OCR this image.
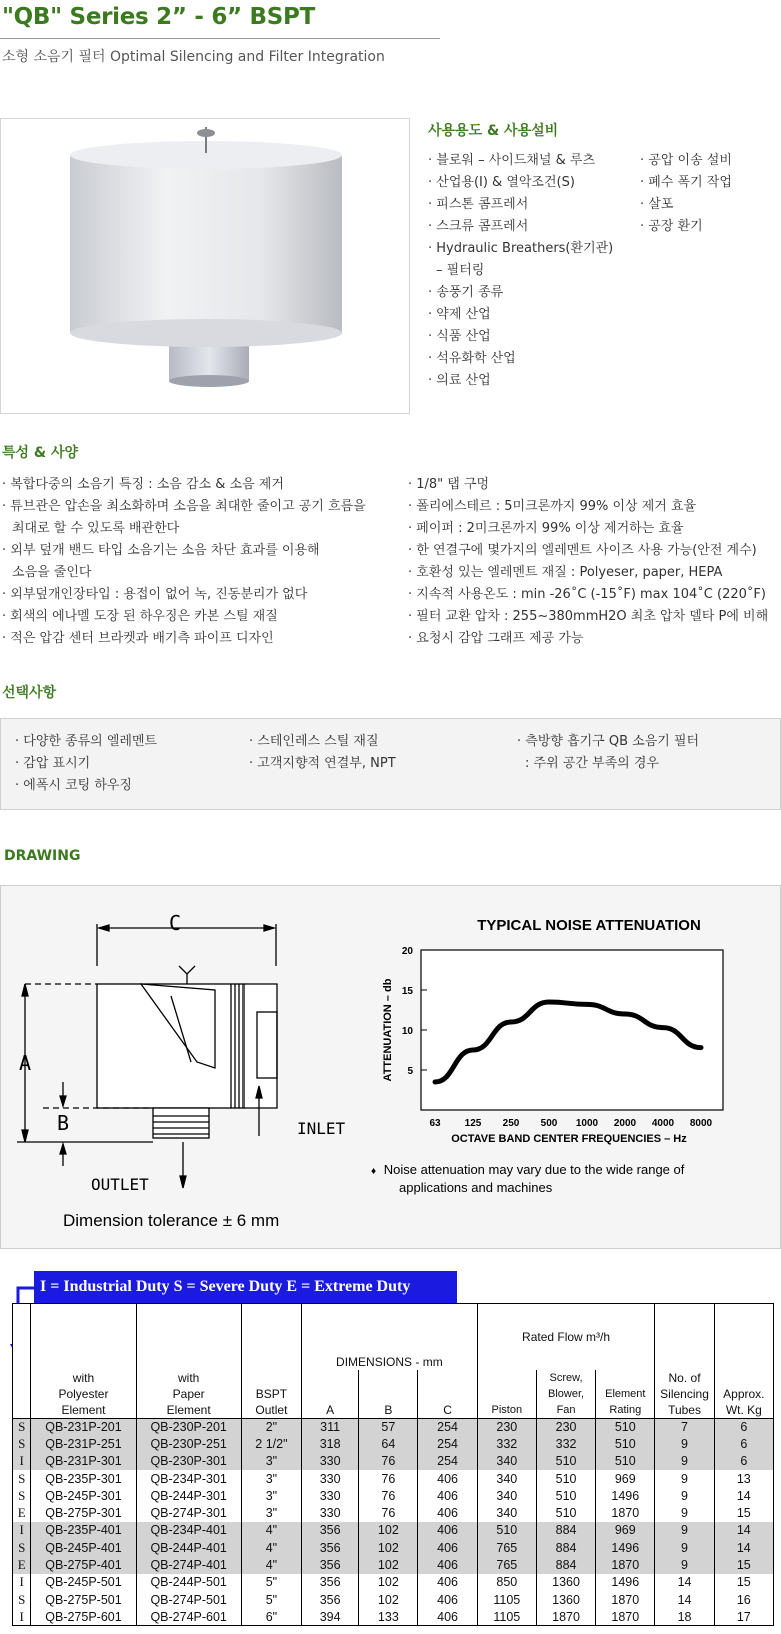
"QB" Series 2” - 6” BSPT
소형 소음기 필터 Optimal Silencing and Filter Integration
사용용도 & 사용설비
· 블로워 – 사이드채널 & 루츠
· 산업용(I) & 열악조건(S)
· 피스톤 콤프레서
· 스크류 콤프레서
· Hydraulic Breathers(환기관)
– 필터링
· 송풍기 종류
· 약제 산업
· 식품 산업
· 석유화학 산업
· 의료 산업
· 공압 이송 설비
· 폐수 폭기 작업
· 살포
· 공장 환기
특성 & 사양
· 복합다중의 소음기 특징 : 소음 감소 & 소음 제거
· 튜브관은 압손을 최소화하며 소음을 최대한 줄이고 공기 흐름을
최대로 할 수 있도록 배관한다
· 외부 덮개 밴드 타입 소음기는 소음 차단 효과를 이용해
소음을 줄인다
· 외부덮개인장타입 : 용접이 없어 녹, 진동분리가 없다
· 회색의 에나멜 도장 된 하우징은 카본 스틸 재질
· 적은 압감 센터 브라켓과 배기측 파이프 디자인
· 1/8" 탭 구멍
· 폴리에스테르 : 5미크론까지 99% 이상 제거 효율
· 페이퍼 : 2미크론까지 99% 이상 제거하는 효율
· 한 연결구에 몇가지의 엘레멘트 사이즈 사용 가능(안전 계수)
· 호환성 있는 엘레멘트 재질 : Polyeser, paper, HEPA
· 지속적 사용온도 : min -26˚C (-15˚F) max 104˚C (220˚F)
· 필터 교환 압차 : 255~380mmH2O 최초 압차 델타 P에 비해
· 요청시 감압 그래프 제공 가능
선택사항
· 다양한 종류의 엘레멘트
· 감압 표시기
· 에폭시 코팅 하우징
· 스테인레스 스틸 재질
· 고객지향적 연결부, NPT
· 측방향 흡기구 QB 소음기 필터
: 주위 공간 부족의 경우
DRAWING
C
A
B	INLET
OUTLET
Dimension tolerance ± 6 mm
TYPICAL NOISE ATTENUATION
ATTENUATION – db
OCTAVE BAND CENTER FREQUENCIES – Hz
5
10
15
20
63 125 250 500 1000 2000 4000 8000
♦ Noise attenuation may vary due to the wide range of
applications and machines
I = Industrial Duty S = Severe Duty E = Extreme Duty
	with
Polyester
Element	with
Paper
Element	BSPT
Outlet	DIMENSIONS - mm			Rated Flow m³/h			No. of
Silencing
Tubes	Approx.
Wt. Kg
				A	B	C	Piston	Screw,
Blower,
Fan	Element
Rating		
S	QB-231P-201	QB-230P-201	2"	311	57	254	230	230	510	7	6
S	QB-231P-251	QB-230P-251	2 1/2"	318	64	254	332	332	510	9	6
I	QB-231P-301	QB-230P-301	3"	330	76	254	340	510	510	9	6
S	QB-235P-301	QB-234P-301	3"	330	76	406	340	510	969	9	13
S	QB-245P-301	QB-244P-301	3"	330	76	406	340	510	1496	9	14
E	QB-275P-301	QB-274P-301	3"	330	76	406	340	510	1870	9	15
I	QB-235P-401	QB-234P-401	4"	356	102	406	510	884	969	9	14
S	QB-245P-401	QB-244P-401	4"	356	102	406	765	884	1496	9	14
E	QB-275P-401	QB-274P-401	4"	356	102	406	765	884	1870	9	15
I	QB-245P-501	QB-244P-501	5"	356	102	406	850	1360	1496	14	15
S	QB-275P-501	QB-274P-501	5"	356	102	406	1105	1360	1870	14	16
I	QB-275P-601	QB-274P-601	6"	394	133	406	1105	1870	1870	18	17
